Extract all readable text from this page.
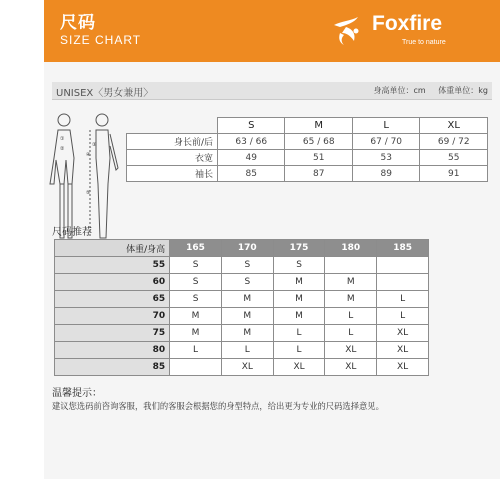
尺码
SIZE CHART
Foxfire
True to nature
UNISEX〈男女兼用〉	身高单位：cm 体重单位：kg
①
②
③
④
⑤
	S	M	L	XL
身长前/后	63 / 66	65 / 68	67 / 70	69 / 72
衣宽	49	51	53	55
袖长	85	87	89	91
尺码推荐
体重/身高	165	170	175	180	185
55	S	S	S		
60	S	S	M	M	
65	S	M	M	M	L
70	M	M	M	L	L
75	M	M	L	L	XL
80	L	L	L	XL	XL
85		XL	XL	XL	XL
温馨提示：
建议您选码前咨询客服，我们的客服会根据您的身型特点，给出更为专业的尺码选择意见。
